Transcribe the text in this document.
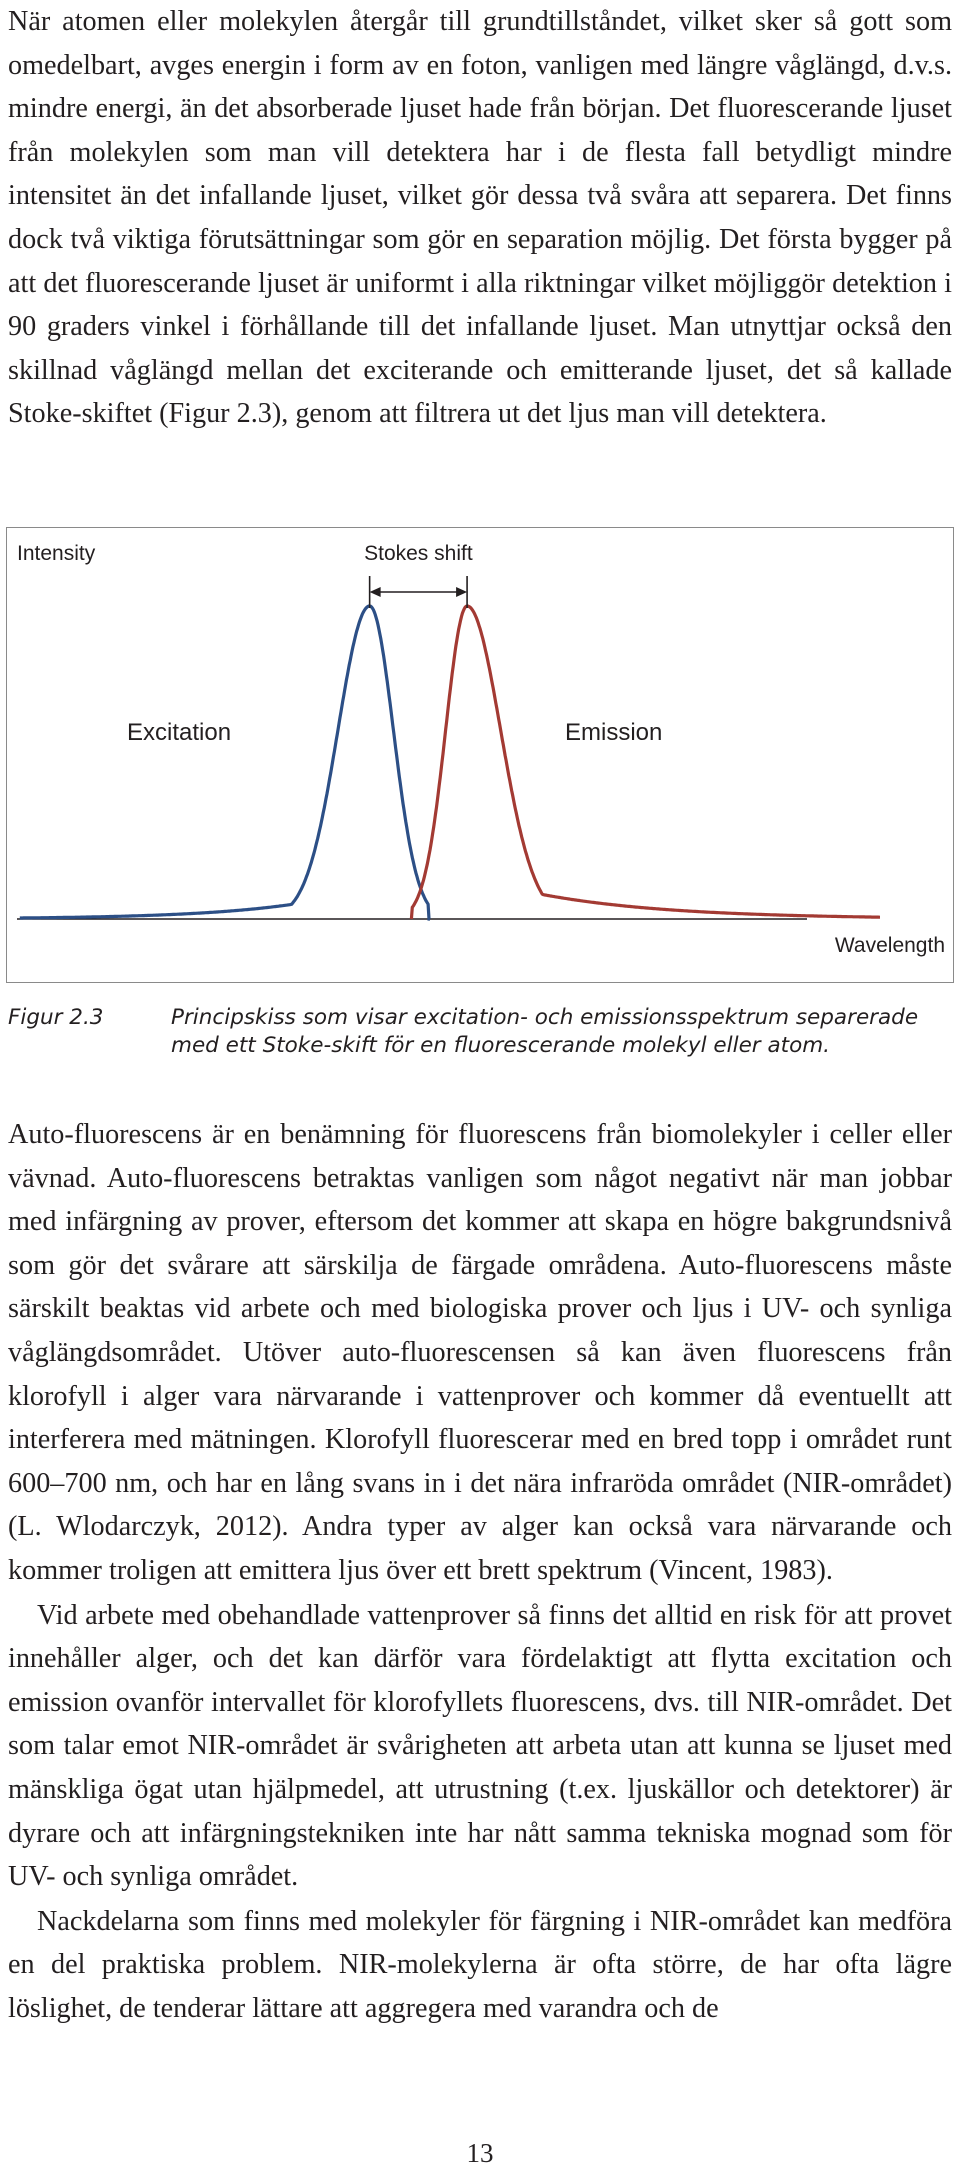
När atomen eller molekylen återgår till grundtillståndet, vilket sker så gott som omedelbart, avges energin i form av en foton, vanligen med längre våglängd, d.v.s. mindre energi, än det absorberade ljuset hade från början. Det fluorescerande ljuset från molekylen som man vill detektera har i de flesta fall betydligt mindre intensitet än det infallande ljuset, vilket gör dessa två svåra att separera. Det finns dock två viktiga förutsättningar som gör en separation möjlig. Det första bygger på att det fluorescerande ljuset är uniformt i alla riktningar vilket möjliggör detektion i 90 graders vinkel i förhållande till det infallande ljuset. Man utnyttjar också den skillnad våglängd mellan det exciterande och emitterande ljuset, det så kallade Stoke-skiftet (Figur 2.3), genom att filtrera ut det ljus man vill detektera.

Intensity	Stokes shift
Excitation	Emission
Wavelength
Figur 2.3	Principskiss som visar excitation- och emissionsspektrum separerade med ett Stoke-skift för en fluorescerande molekyl eller atom.

Auto-fluorescens är en benämning för fluorescens från biomolekyler i celler eller vävnad. Auto-fluorescens betraktas vanligen som något negativt när man jobbar med infärgning av prover, eftersom det kommer att skapa en högre bakgrundsnivå som gör det svårare att särskilja de färgade områdena. Auto-fluorescens måste särskilt beaktas vid arbete och med biologiska prover och ljus i UV- och synliga våglängdsområdet. Utöver auto-fluorescensen så kan även fluorescens från klorofyll i alger vara närvarande i vattenprover och kommer då eventuellt att interferera med mätningen. Klorofyll fluorescerar med en bred topp i området runt 600–700 nm, och har en lång svans in i det nära infraröda området (NIR-området) (L. Wlodarczyk, 2012). Andra typer av alger kan också vara närvarande och kommer troligen att emittera ljus över ett brett spektrum (Vincent, 1983).

Vid arbete med obehandlade vattenprover så finns det alltid en risk för att provet innehåller alger, och det kan därför vara fördelaktigt att flytta excitation och emission ovanför intervallet för klorofyllets fluorescens, dvs. till NIR-området. Det som talar emot NIR-området är svårigheten att arbeta utan att kunna se ljuset med mänskliga ögat utan hjälpmedel, att utrustning (t.ex. ljuskällor och detektorer) är dyrare och att infärgningstekniken inte har nått samma tekniska mognad som för UV- och synliga området.

Nackdelarna som finns med molekyler för färgning i NIR-området kan medföra en del praktiska problem. NIR-molekylerna är ofta större, de har ofta lägre löslighet, de tenderar lättare att aggregera med varandra och de

13
